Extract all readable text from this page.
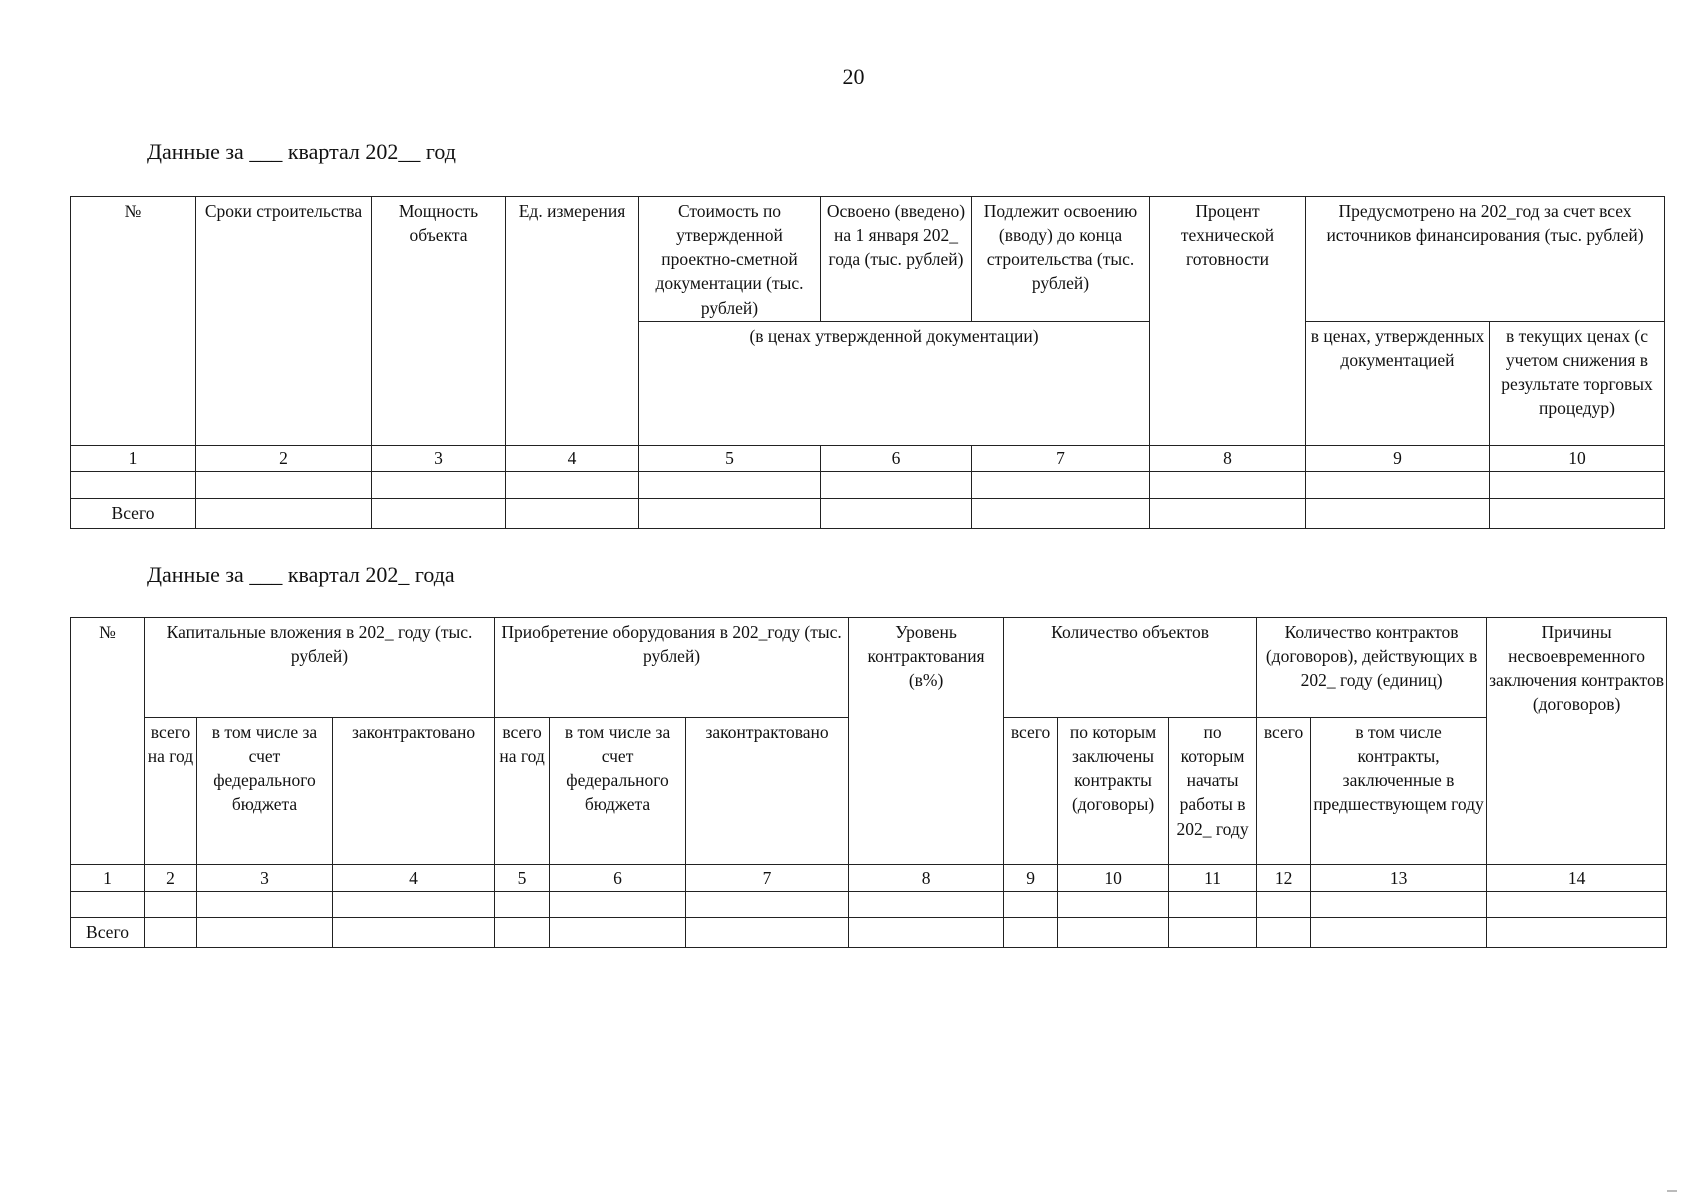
20
Данные за ___ квартал 202__ год
№	Сроки строительства	Мощность объекта	Ед. измерения	Стоимость по утвержденной проектно-сметной документации (тыс. рублей)	Освоено (введено) на 1 января 202_ года (тыс. рублей)	Подлежит освоению (вводу) до конца строительства (тыс. рублей)	Процент технической готовности	Предусмотрено на 202_год за счет всех источников финансирования (тыс. рублей)	
				(в ценах утвержденной документации)				в ценах, утвержденных документацией	в текущих ценах (с учетом снижения в результате торговых процедур)
1	2	3	4	5	6	7	8	9	10

Всего									
Данные за ___ квартал 202_ года
№	Капитальные вложения в 202_ году (тыс. рублей)			Приобретение оборудования в 202_году (тыс. рублей)			Уровень контрактования (в%)	Количество объектов			Количество контрактов (договоров), действующих в 202_ году (единиц)		Причины несвоевременного заключения контрактов (договоров)
	всего на год	в том числе за счет федерального бюджета	законтрактовано	всего на год	в том числе за счет федерального бюджета	законтрактовано		всего	по которым заключены контракты (договоры)	по которым начаты работы в 202_ году	всего	в том числе контракты, заключенные в предшествующем году	
1	2	3	4	5	6	7	8	9	10	11	12	13	14

Всего													
